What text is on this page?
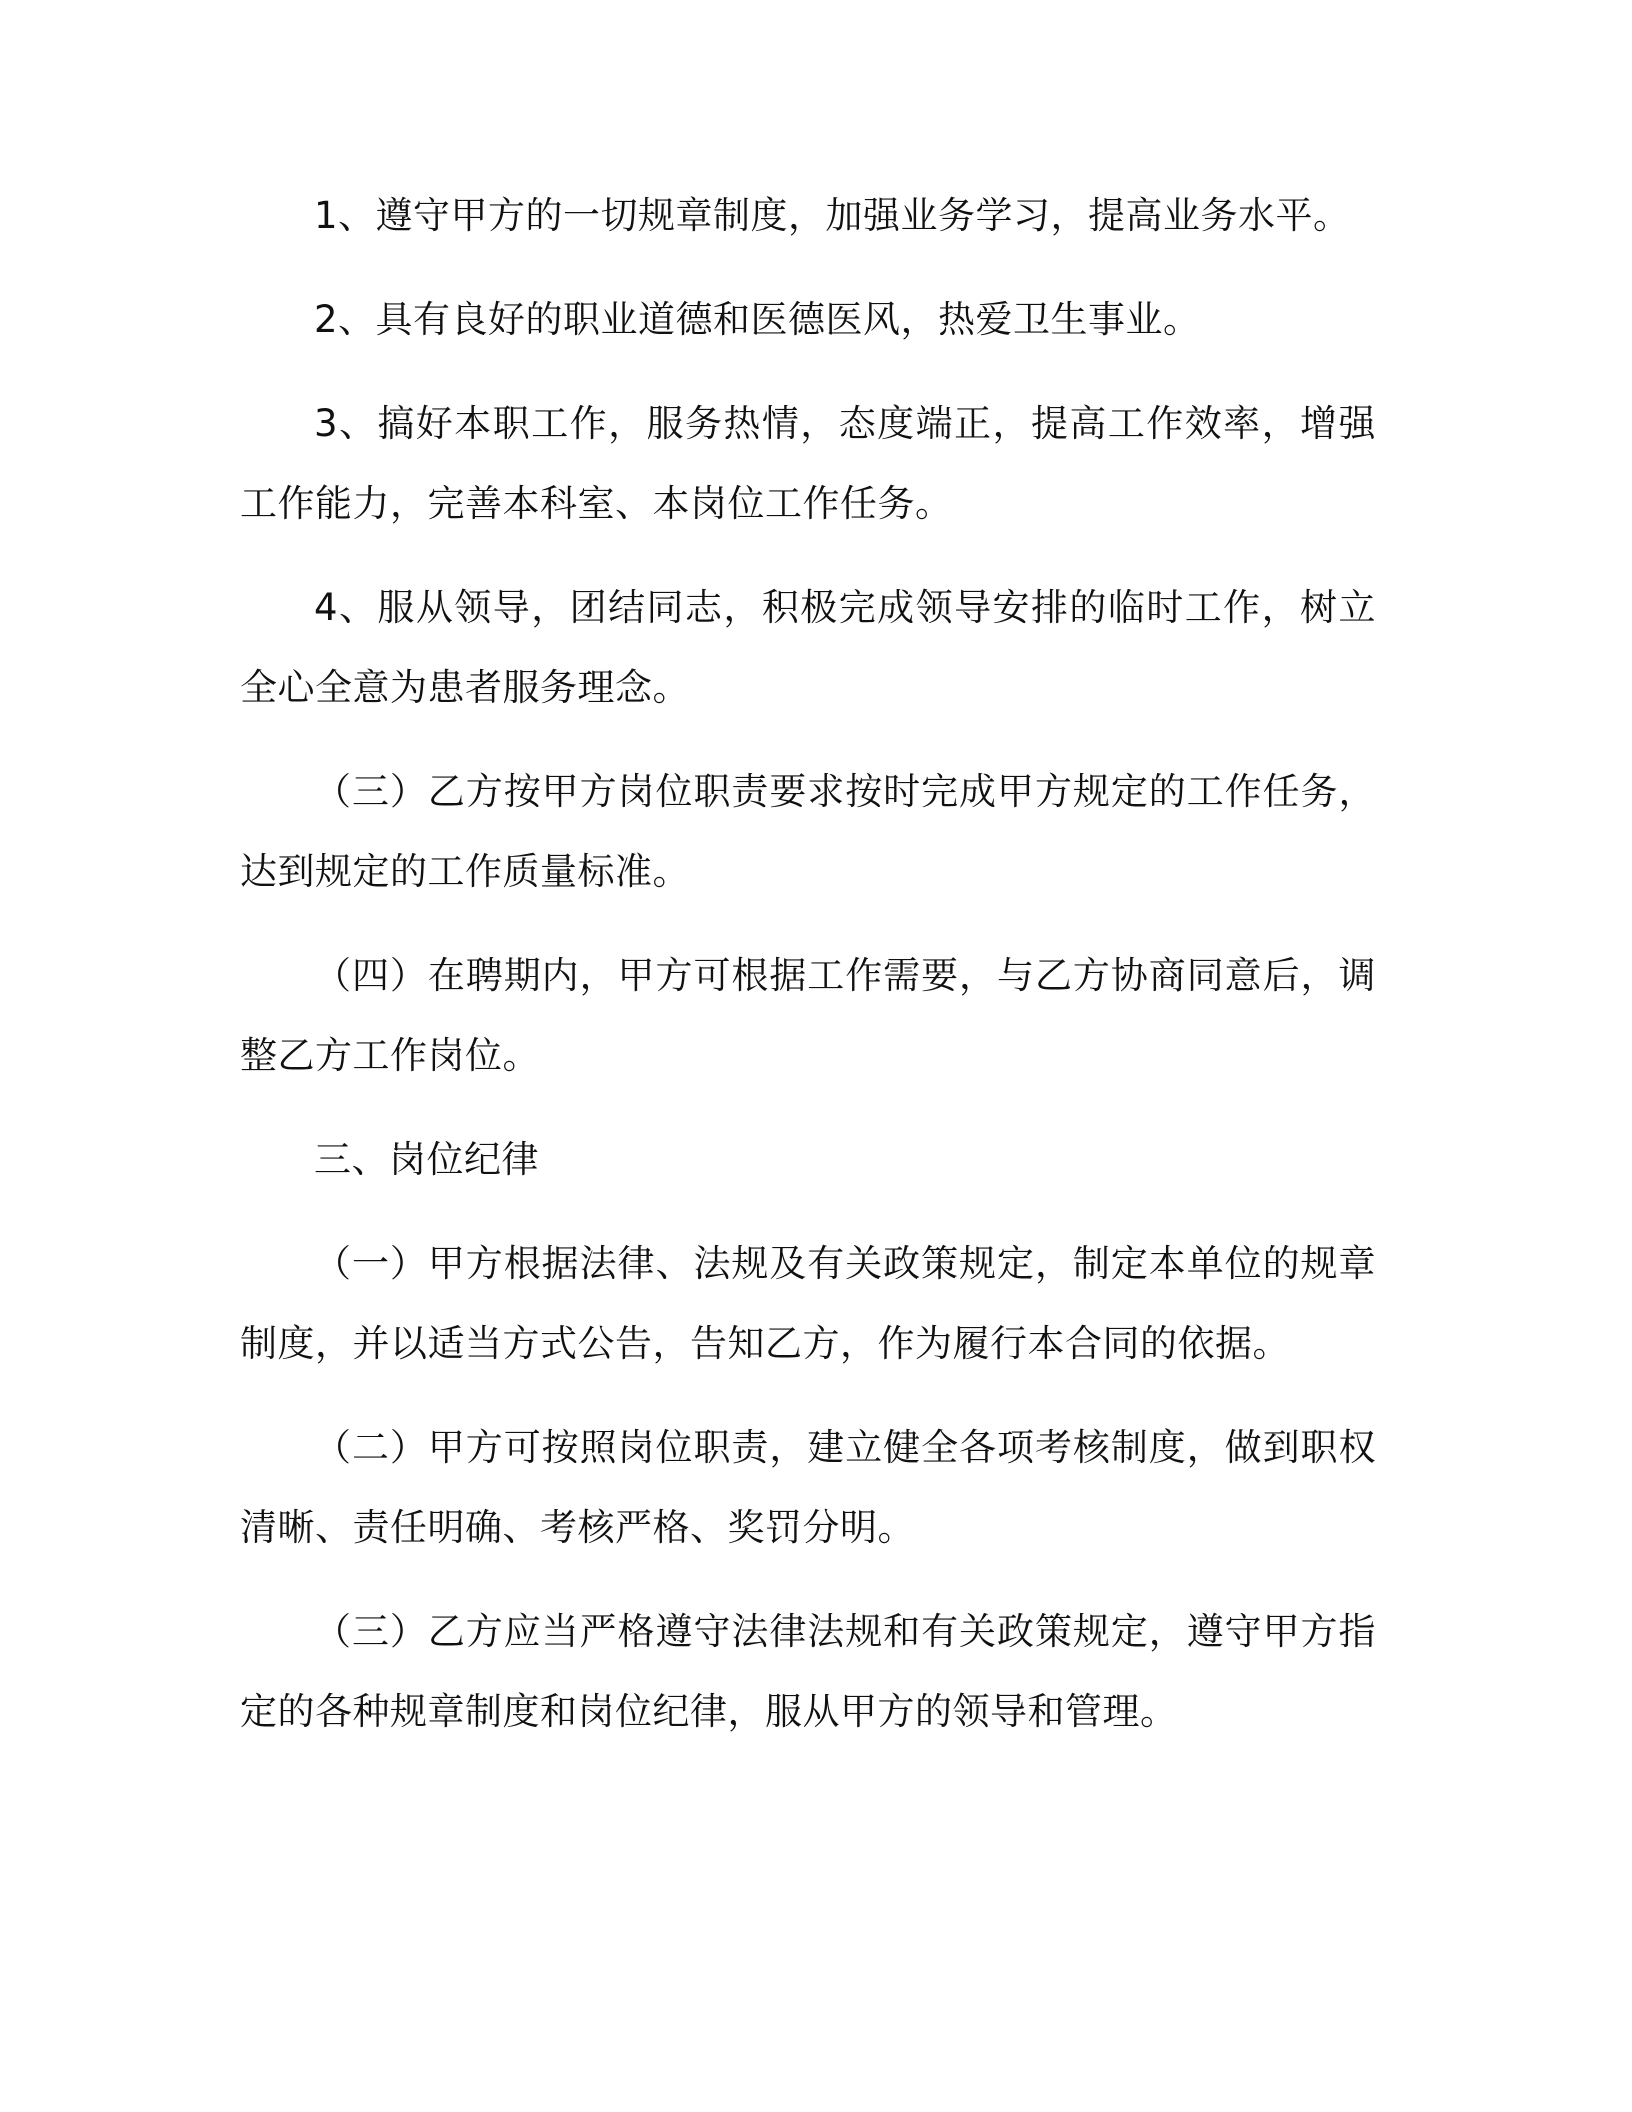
1、遵守甲方的一切规章制度，加强业务学习，提高业务水平。

2、具有良好的职业道德和医德医风，热爱卫生事业。

3、搞好本职工作，服务热情，态度端正，提高工作效率，增强工作能力，完善本科室、本岗位工作任务。

4、服从领导，团结同志，积极完成领导安排的临时工作，树立全心全意为患者服务理念。

（三）乙方按甲方岗位职责要求按时完成甲方规定的工作任务，达到规定的工作质量标准。

（四）在聘期内，甲方可根据工作需要，与乙方协商同意后，调整乙方工作岗位。

三、岗位纪律

（一）甲方根据法律、法规及有关政策规定，制定本单位的规章制度，并以适当方式公告，告知乙方，作为履行本合同的依据。

（二）甲方可按照岗位职责，建立健全各项考核制度，做到职权清晰、责任明确、考核严格、奖罚分明。

（三）乙方应当严格遵守法律法规和有关政策规定，遵守甲方指定的各种规章制度和岗位纪律，服从甲方的领导和管理。
